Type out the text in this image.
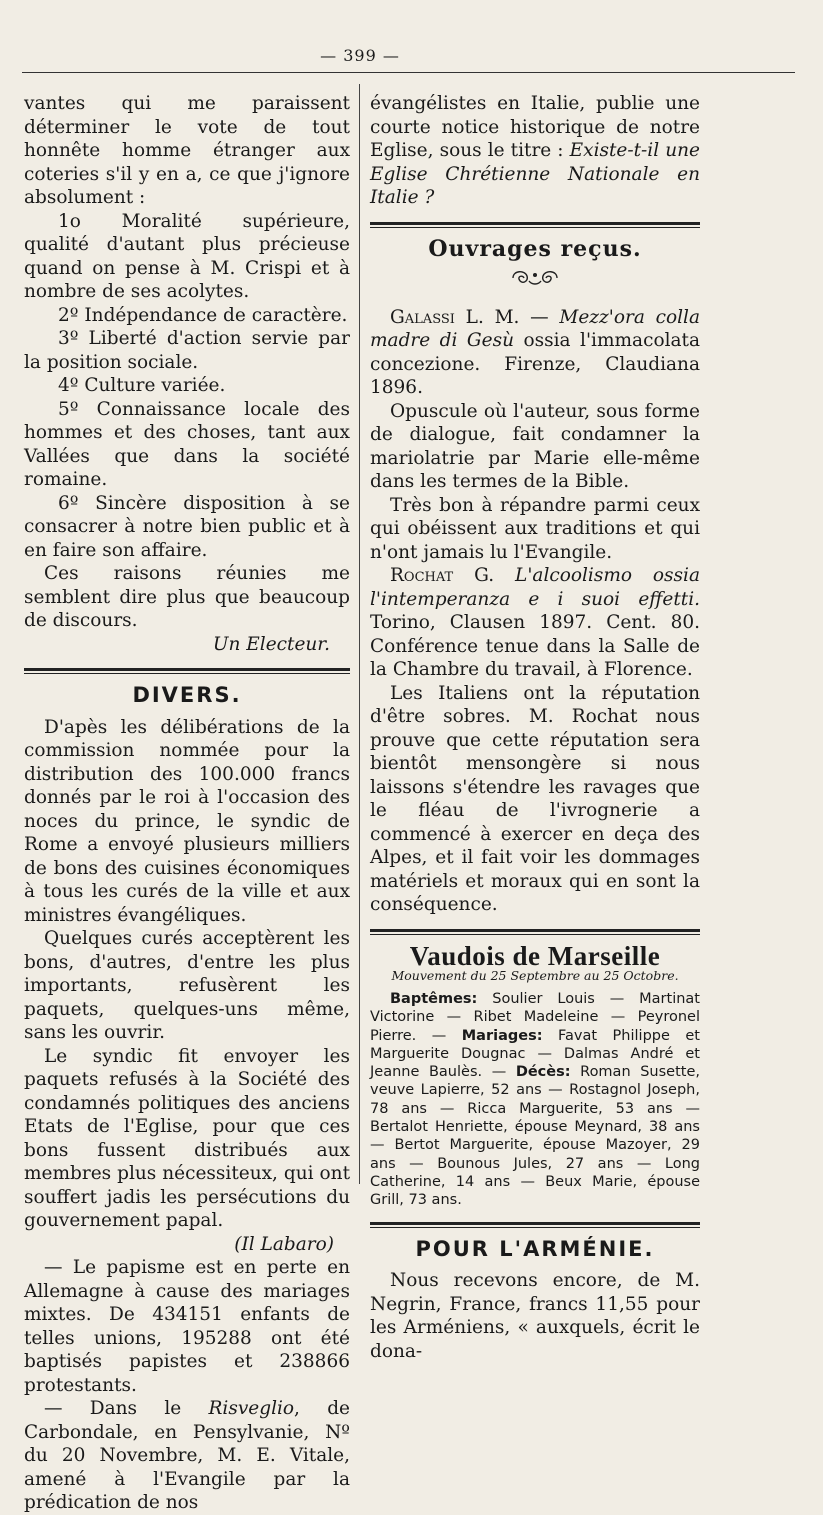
— 399 —

vantes qui me paraissent déterminer le vote de tout honnête homme étranger aux coteries s'il y en a, ce que j'ignore absolument :

1o Moralité supérieure, qualité d'autant plus précieuse quand on pense à M. Crispi et à nombre de ses acolytes.

2º Indépendance de caractère.

3º Liberté d'action servie par la position sociale.

4º Culture variée.

5º Connaissance locale des hommes et des choses, tant aux Vallées que dans la société romaine.

6º Sincère disposition à se consacrer à notre bien public et à en faire son affaire.

Ces raisons réunies me semblent dire plus que beaucoup de discours.

Un Electeur.

DIVERS.

D'apès les délibérations de la commission nommée pour la distribution des 100.000 francs donnés par le roi à l'occasion des noces du prince, le syndic de Rome a envoyé plusieurs milliers de bons des cuisines économiques à tous les curés de la ville et aux ministres évangéliques.

Quelques curés acceptèrent les bons, d'autres, d'entre les plus importants, refusèrent les paquets, quelques-uns même, sans les ouvrir.

Le syndic fit envoyer les paquets refusés à la Société des condamnés politiques des anciens Etats de l'Eglise, pour que ces bons fussent distribués aux membres plus nécessiteux, qui ont souffert jadis les persécutions du gouvernement papal.

(Il Labaro)

— Le papisme est en perte en Allemagne à cause des mariages mixtes. De 434151 enfants de telles unions, 195288 ont été baptisés papistes et 238866 protestants.

— Dans le Risveglio, de Carbondale, en Pensylvanie, Nº du 20 Novembre, M. E. Vitale, amené à l'Evangile par la prédication de nos

évangélistes en Italie, publie une courte notice historique de notre Eglise, sous le titre : Existe-t-il une Eglise Chrétienne Nationale en Italie ?

Ouvrages reçus.

Galassi L. M. — Mezz'ora colla madre di Gesù ossia l'immacolata concezione. Firenze, Claudiana 1896.

Opuscule où l'auteur, sous forme de dialogue, fait condamner la mariolatrie par Marie elle-même dans les termes de la Bible.

Très bon à répandre parmi ceux qui obéissent aux traditions et qui n'ont jamais lu l'Evangile.

Rochat G. L'alcoolismo ossia l'intemperanza e i suoi effetti. Torino, Clausen 1897. Cent. 80. Conférence tenue dans la Salle de la Chambre du travail, à Florence.

Les Italiens ont la réputation d'être sobres. M. Rochat nous prouve que cette réputation sera bientôt mensongère si nous laissons s'étendre les ravages que le fléau de l'ivrognerie a commencé à exercer en deça des Alpes, et il fait voir les dommages matériels et moraux qui en sont la conséquence.

Vaudois de Marseille
Mouvement du 25 Septembre au 25 Octobre.

Baptêmes: Soulier Louis — Martinat Victorine — Ribet Madeleine — Peyronel Pierre. — Mariages: Favat Philippe et Marguerite Dougnac — Dalmas André et Jeanne Baulès. — Décès: Roman Susette, veuve Lapierre, 52 ans — Rostagnol Joseph, 78 ans — Ricca Marguerite, 53 ans — Bertalot Henriette, épouse Meynard, 38 ans — Bertot Marguerite, épouse Mazoyer, 29 ans — Bounous Jules, 27 ans — Long Catherine, 14 ans — Beux Marie, épouse Grill, 73 ans.

POUR L'ARMÉNIE.

Nous recevons encore, de M. Negrin, France, francs 11,55 pour les Arméniens, « auxquels, écrit le dona-
